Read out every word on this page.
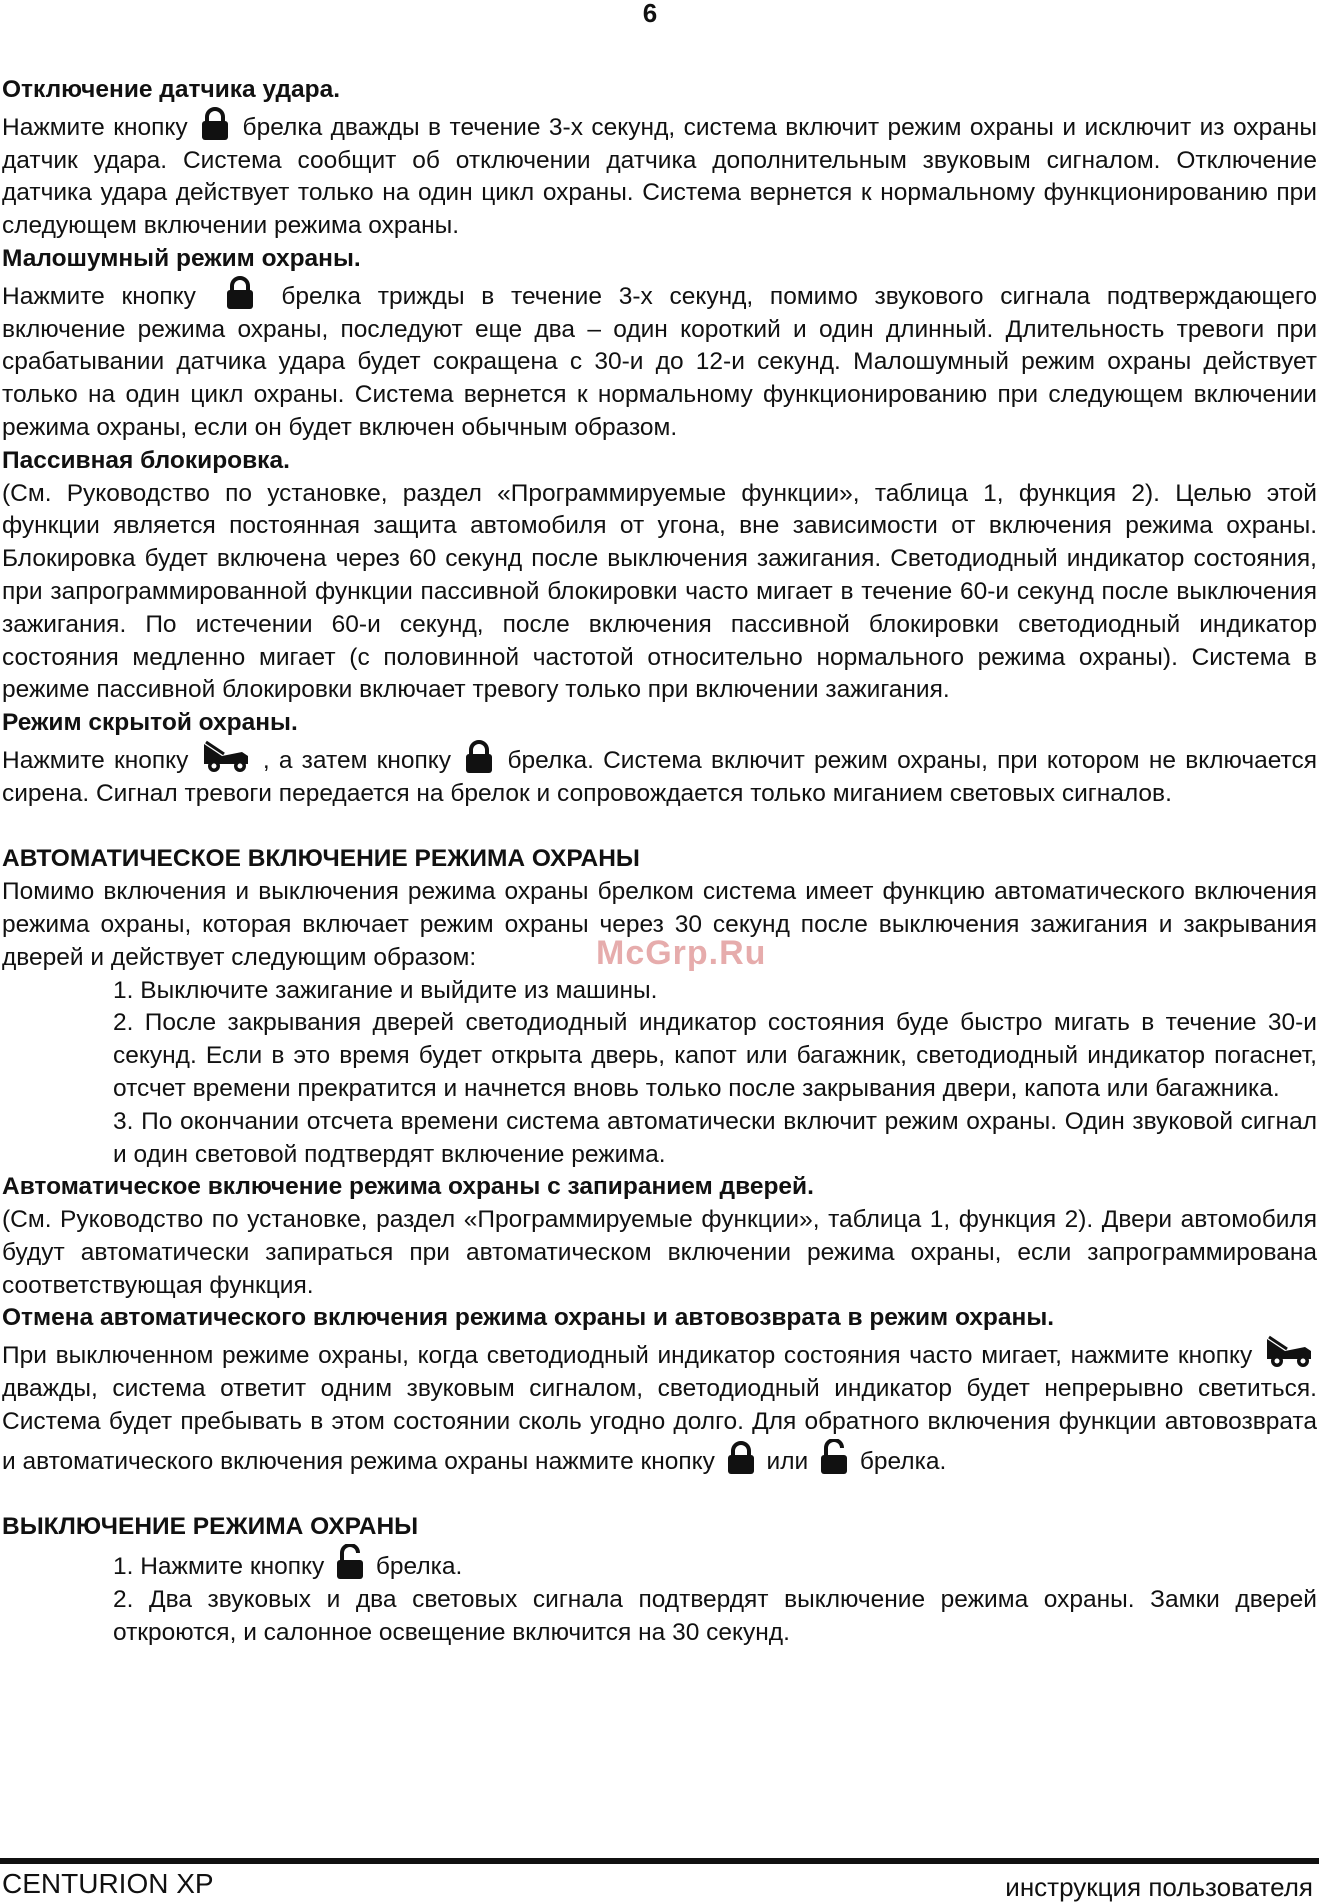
6

Отключение датчика удара.

Нажмите кнопку брелка дважды в течение 3-х секунд, система включит режим охраны и исключит из охраны датчик удара. Система сообщит об отключении датчика дополнительным звуковым сигналом. Отключение датчика удара действует только на один цикл охраны. Система вернется к нормальному функционированию при следующем включении режима охраны.

Малошумный режим охраны.

Нажмите кнопку	брелка трижды в течение 3-х секунд, помимо звукового сигнала подтверждающего включение режима охраны, последуют еще два – один короткий и один длинный. Длительность тревоги при срабатывании датчика удара будет сокращена с 30-и до 12-и секунд. Малошумный режим охраны действует только на один цикл охраны. Система вернется к нормальному функционированию при следующем включении режима охраны, если он будет включен обычным образом.

Пассивная блокировка.

(См. Руководство по установке, раздел «Программируемые функции», таблица 1, функция 2). Целью этой функции является постоянная защита автомобиля от угона, вне зависимости от включения режима охраны. Блокировка будет включена через 60 секунд после выключения зажигания. Светодиодный индикатор состояния, при запрограммированной функции пассивной блокировки часто мигает в течение 60-и секунд после выключения зажигания. По истечении 60-и секунд, после включения пассивной блокировки светодиодный индикатор состояния медленно мигает (с половинной частотой относительно нормального режима охраны). Система в режиме пассивной блокировки включает тревогу только при включении зажигания.

Режим скрытой охраны.

Нажмите кнопку	, а затем кнопку брелка. Система включит режим охраны, при котором не включается сирена. Сигнал тревоги передается на брелок и сопровождается только миганием световых сигналов.

АВТОМАТИЧЕСКОЕ ВКЛЮЧЕНИЕ РЕЖИМА ОХРАНЫ

Помимо включения и выключения режима охраны брелком система имеет функцию автоматического включения режима охраны, которая включает режим охраны через 30 секунд после выключения зажигания и закрывания дверей и действует следующим образом:

1. Выключите зажигание и выйдите из машины.

2. После закрывания дверей светодиодный индикатор состояния буде быстро мигать в течение 30-и секунд. Если в это время будет открыта дверь, капот или багажник, светодиодный индикатор погаснет, отсчет времени прекратится и начнется вновь только после закрывания двери, капота или багажника.

3. По окончании отсчета времени система автоматически включит режим охраны. Один звуковой сигнал и один световой подтвердят включение режима.

Автоматическое включение режима охраны с запиранием дверей.

(См. Руководство по установке, раздел «Программируемые функции», таблица 1, функция 2). Двери автомобиля будут автоматически запираться при автоматическом включении режима охраны, если запрограммирована соответствующая функция.

Отмена автоматического включения режима охраны и автовозврата в режим охраны.

При выключенном режиме охраны, когда светодиодный индикатор состояния часто мигает, нажмите кнопку  дважды, система ответит одним звуковым сигналом, светодиодный индикатор будет непрерывно светиться. Система будет пребывать в этом состоянии сколь угодно долго. Для обратного включения функции автовозврата и автоматического включения режима охраны нажмите кнопку или брелка.

ВЫКЛЮЧЕНИЕ РЕЖИМА ОХРАНЫ

1. Нажмите кнопку брелка.

2. Два звуковых и два световых сигнала подтвердят выключение режима охраны. Замки дверей откроются, и салонное освещение включится на 30 секунд.

McGrp.Ru
CENTURION XP	инструкция пользователя
